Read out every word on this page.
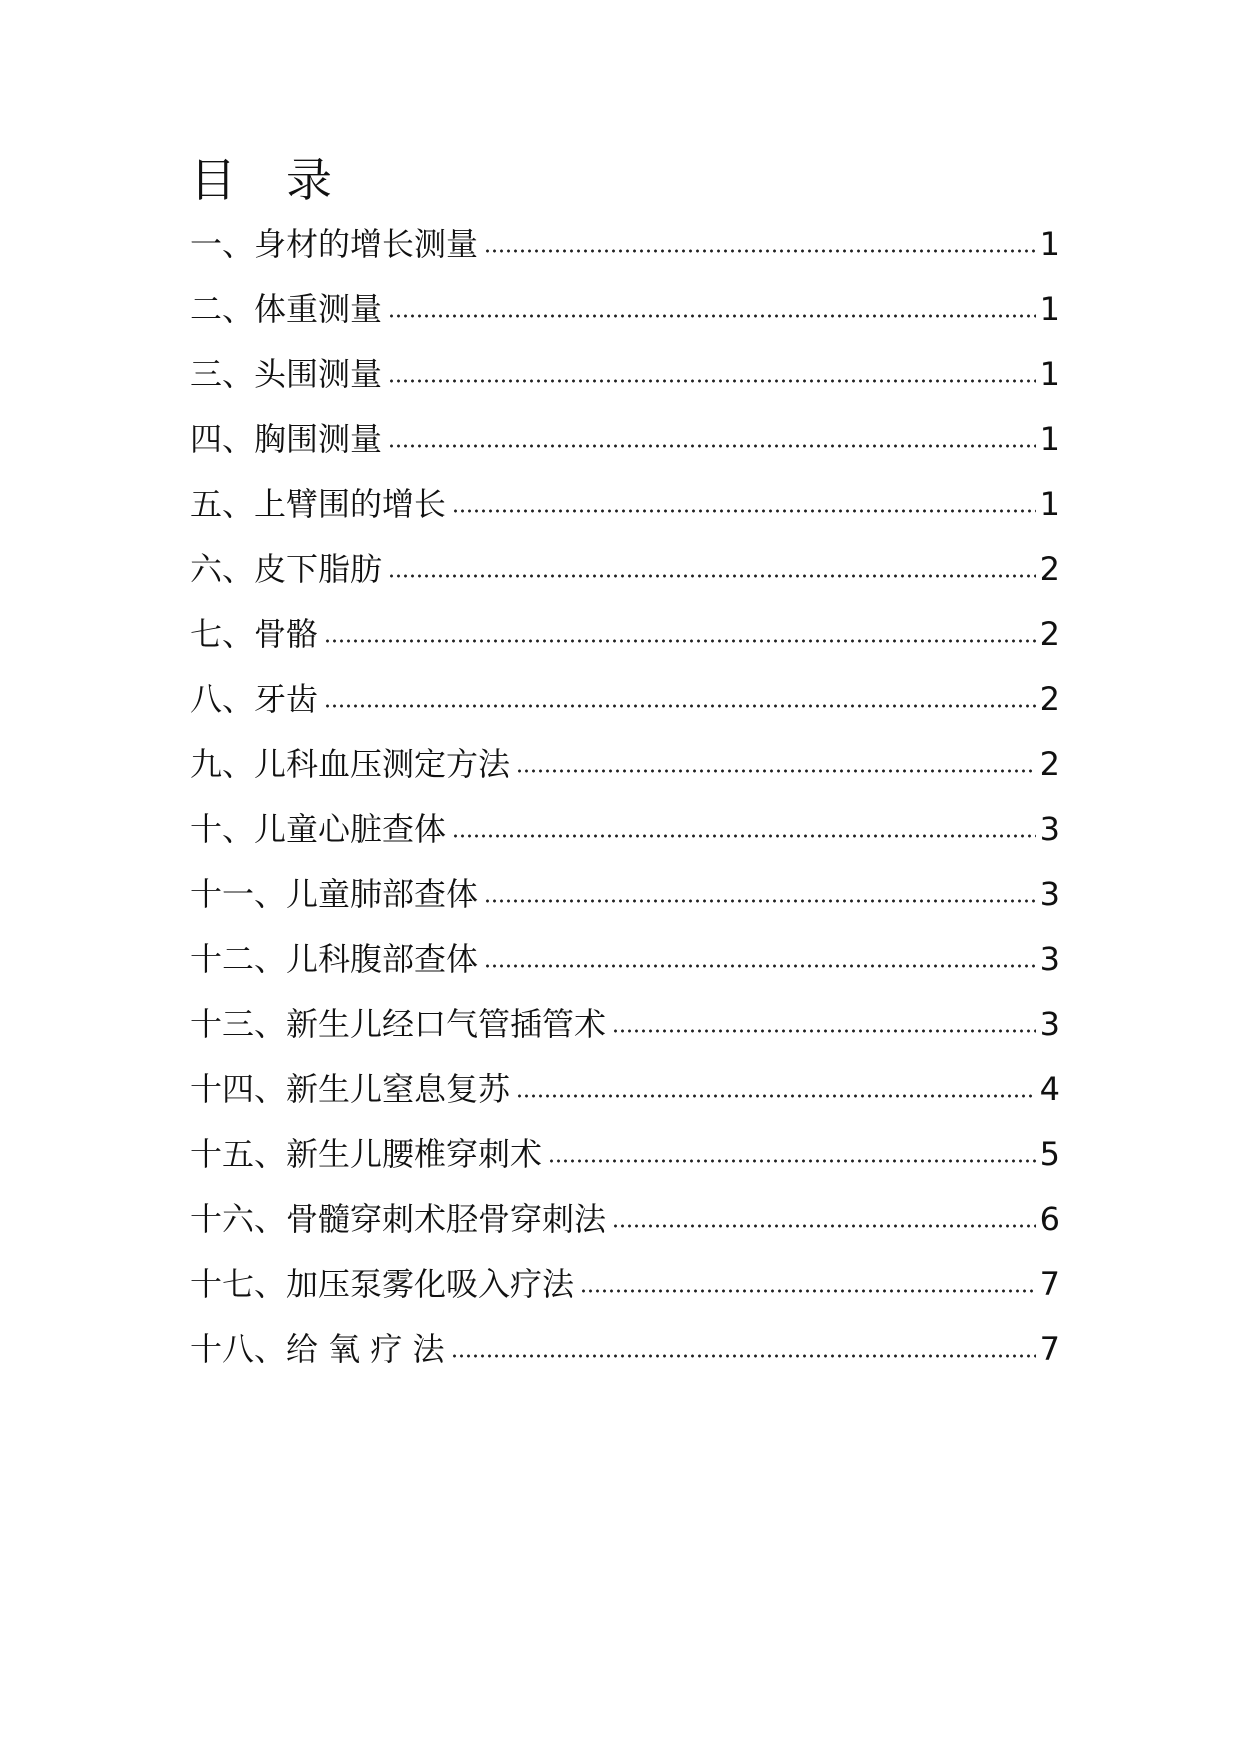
目　录
一、身材的增长测量	1
二、体重测量	1
三、头围测量	1
四、胸围测量	1
五、上臂围的增长	1
六、皮下脂肪	2
七、骨骼	2
八、牙齿	2
九、儿科血压测定方法	2
十、儿童心脏查体	3
十一、儿童肺部查体	3
十二、儿科腹部查体	3
十三、新生儿经口气管插管术	3
十四、新生儿窒息复苏	4
十五、新生儿腰椎穿刺术	5
十六、骨髓穿刺术胫骨穿刺法	6
十七、加压泵雾化吸入疗法	7
十八、给 氧 疗 法	7
